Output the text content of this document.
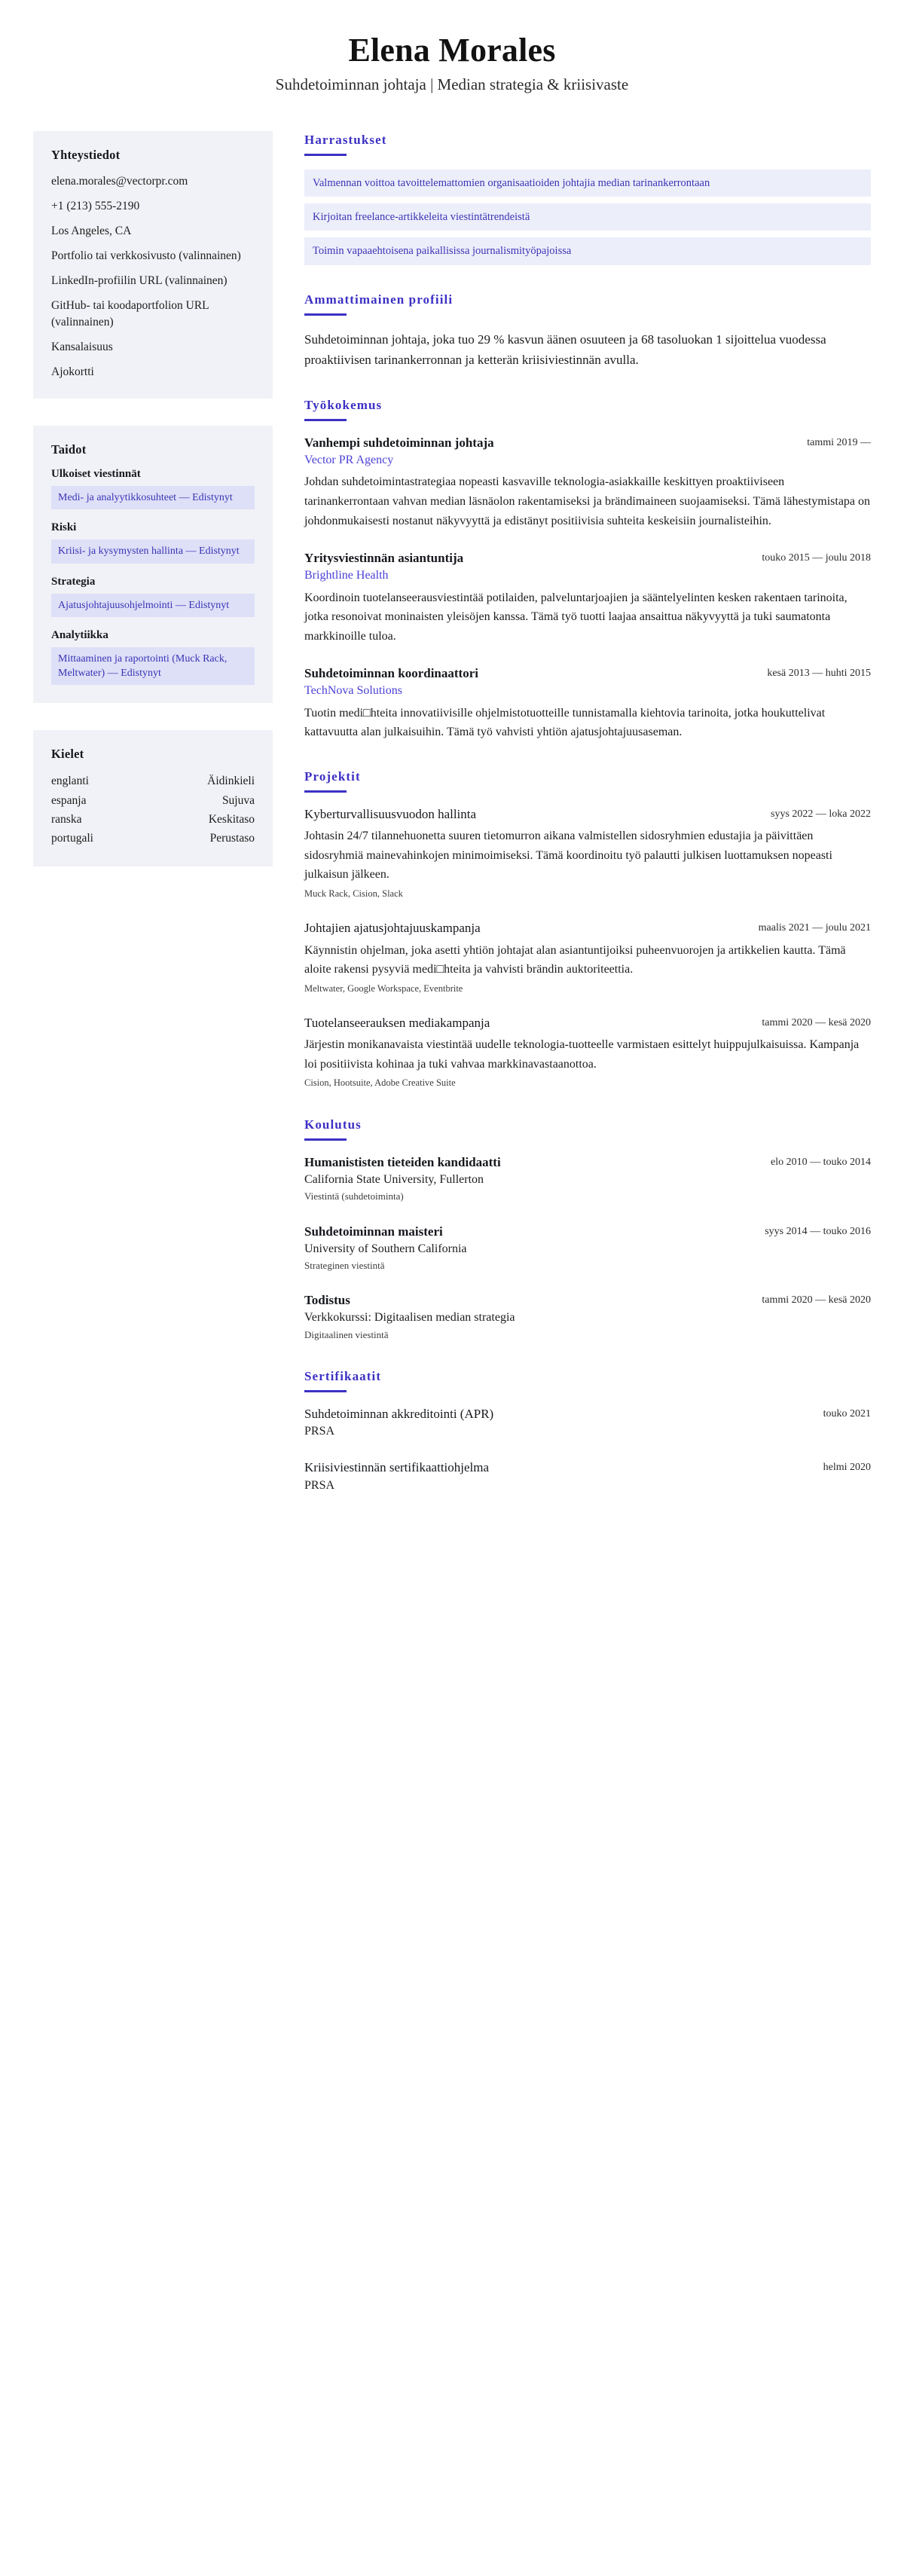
Elena Morales

Suhdetoiminnan johtaja | Median strategia & kriisivaste

Yhteystiedot
elena.morales@vectorpr.com
+1 (213) 555-2190
Los Angeles, CA
Portfolio tai verkkosivusto (valinnainen)
LinkedIn-profiilin URL (valinnainen)
GitHub- tai koodaportfolion URL (valinnainen)
Kansalaisuus
Ajokortti
Taidot
Ulkoiset viestinnät
Medi- ja analyytikkosuhteet — Edistynyt
Riski
Kriisi- ja kysymysten hallinta — Edistynyt
Strategia
Ajatusjohtajuusohjelmointi — Edistynyt
Analytiikka
Mittaaminen ja raportointi (Muck Rack, Meltwater) — Edistynyt
Kielet
englanti	Äidinkieli
espanja	Sujuva
ranska	Keskitaso
portugali	Perustaso
Harrastukset
Valmennan voittoa tavoittelemattomien organisaatioiden johtajia median tarinankerrontaan
Kirjoitan freelance-artikkeleita viestintätrendeistä
Toimin vapaaehtoisena paikallisissa journalismityöpajoissa
Ammattimainen profiili

Suhdetoiminnan johtaja, joka tuo 29 % kasvun äänen osuuteen ja 68 tasoluokan 1 sijoittelua vuodessa proaktiivisen tarinankerronnan ja ketterän kriisiviestinnän avulla.

Työkokemus
Vanhempi suhdetoiminnan johtaja	tammi 2019 —
Vector PR Agency
Johdan suhdetoimintastrategiaa nopeasti kasvaville teknologia-asiakkaille keskittyen proaktiiviseen tarinankerrontaan vahvan median läsnäolon rakentamiseksi ja brändimaineen suojaamiseksi. Tämä lähestymistapa on johdonmukaisesti nostanut näkyvyyttä ja edistänyt positiivisia suhteita keskeisiin journalisteihin.
Yritysviestinnän asiantuntija	touko 2015 — joulu 2018
Brightline Health
Koordinoin tuotelanseerausviestintää potilaiden, palveluntarjoajien ja sääntelyelinten kesken rakentaen tarinoita, jotka resonoivat moninaisten yleisöjen kanssa. Tämä työ tuotti laajaa ansaittua näkyvyyttä ja tuki saumatonta markkinoille tuloa.
Suhdetoiminnan koordinaattori	kesä 2013 — huhti 2015
TechNova Solutions
Tuotin medi□hteita innovatiivisille ohjelmistotuotteille tunnistamalla kiehtovia tarinoita, jotka houkuttelivat kattavuutta alan julkaisuihin. Tämä työ vahvisti yhtiön ajatusjohtajuusaseman.
Projektit
Kyberturvallisuusvuodon hallinta	syys 2022 — loka 2022
Johtasin 24/7 tilannehuonetta suuren tietomurron aikana valmistellen sidosryhmien edustajia ja päivittäen sidosryhmiä mainevahinkojen minimoimiseksi. Tämä koordinoitu työ palautti julkisen luottamuksen nopeasti julkaisun jälkeen.
Muck Rack, Cision, Slack
Johtajien ajatusjohtajuuskampanja	maalis 2021 — joulu 2021
Käynnistin ohjelman, joka asetti yhtiön johtajat alan asiantuntijoiksi puheenvuorojen ja artikkelien kautta. Tämä aloite rakensi pysyviä medi□hteita ja vahvisti brändin auktoriteettia.
Meltwater, Google Workspace, Eventbrite
Tuotelanseerauksen mediakampanja	tammi 2020 — kesä 2020
Järjestin monikanavaista viestintää uudelle teknologia-tuotteelle varmistaen esittelyt huippujulkaisuissa. Kampanja loi positiivista kohinaa ja tuki vahvaa markkinavastaanottoa.
Cision, Hootsuite, Adobe Creative Suite
Koulutus
Humanististen tieteiden kandidaatti	elo 2010 — touko 2014
California State University, Fullerton
Viestintä (suhdetoiminta)
Suhdetoiminnan maisteri	syys 2014 — touko 2016
University of Southern California
Strateginen viestintä
Todistus	tammi 2020 — kesä 2020
Verkkokurssi: Digitaalisen median strategia
Digitaalinen viestintä
Sertifikaatit
Suhdetoiminnan akkreditointi (APR)	touko 2021
PRSA
Kriisiviestinnän sertifikaattiohjelma	helmi 2020
PRSA
